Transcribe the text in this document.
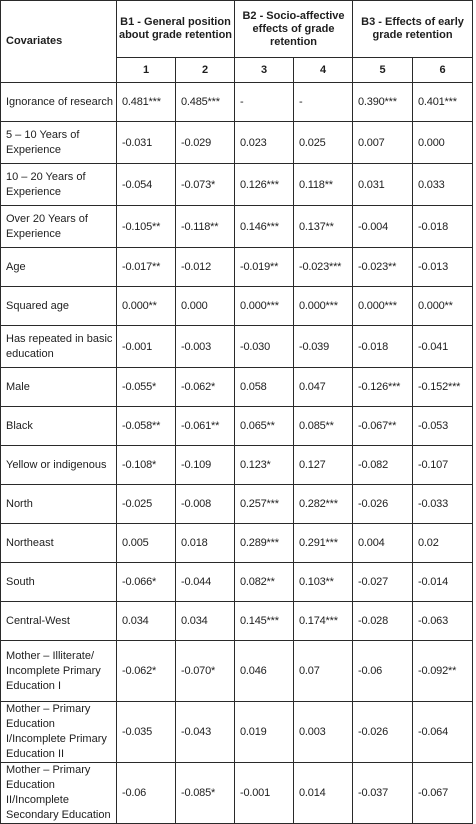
Covariates	B1 - General position about grade retention		B2 - Socio-affective effects of grade retention		B3 - Effects of early grade retention	
	1	2	3	4	5	6
Ignorance of research	0.481***	0.485***	-	-	0.390***	0.401***
5 – 10 Years of Experience	-0.031	-0.029	0.023	0.025	0.007	0.000
10 – 20 Years of Experience	-0.054	-0.073*	0.126***	0.118**	0.031	0.033
Over 20 Years of Experience	-0.105**	-0.118**	0.146***	0.137**	-0.004	-0.018
Age	-0.017**	-0.012	-0.019**	-0.023***	-0.023**	-0.013
Squared age	0.000**	0.000	0.000***	0.000***	0.000***	0.000**
Has repeated in basic education	-0.001	-0.003	-0.030	-0.039	-0.018	-0.041
Male	-0.055*	-0.062*	0.058	0.047	-0.126***	-0.152***
Black	-0.058**	-0.061**	0.065**	0.085**	-0.067**	-0.053
Yellow or indigenous	-0.108*	-0.109	0.123*	0.127	-0.082	-0.107
North	-0.025	-0.008	0.257***	0.282***	-0.026	-0.033
Northeast	0.005	0.018	0.289***	0.291***	0.004	0.02
South	-0.066*	-0.044	0.082**	0.103**	-0.027	-0.014
Central-West	0.034	0.034	0.145***	0.174***	-0.028	-0.063
Mother – Illiterate/ Incomplete Primary Education I	-0.062*	-0.070*	0.046	0.07	-0.06	-0.092**
Mother – Primary Education I/Incomplete Primary Education II	-0.035	-0.043	0.019	0.003	-0.026	-0.064
Mother – Primary Education II/Incomplete Secondary Education	-0.06	-0.085*	-0.001	0.014	-0.037	-0.067
